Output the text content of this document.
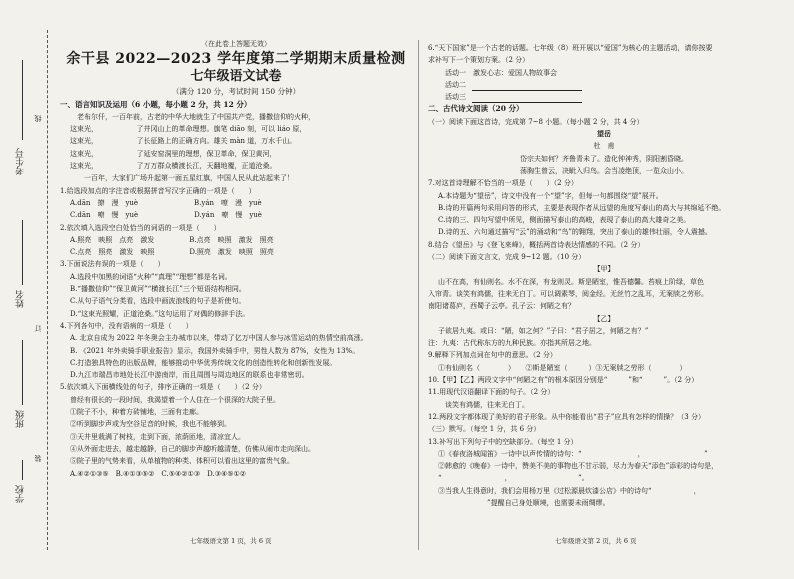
线
订
装
考生号
姓名
班级
学校
（在此卷上答题无效）
余干县 2022—2023 学年度第二学期期末质量检测
七年级语文试卷
（满分 120 分，考试时间 150 分钟）
一、语言知识及运用（6 小题，每小题 2 分，共 12 分）
　老布尔仟，一百年前，古老的中华大地就生了中国共产党，播撒信仰的火种，
这束光，　　　　　　了井冈山上的革命理想。旗笔 diāo 刻，可以 liáo 原，
这束光，　　　　　　了长征路上的正确方向。雄关 màn 道，万水千山。
这束光，　　　　　　了延安窑洞里的理想，保卫革命，保卫黄河，
这束光，　　　　　　了万万群众横渡长江，天翻地覆，正道沧桑。
　　一百年，大家们广场升起第一面五星红旗，中国人民从此站起来了！
1.给选段加点的字注音或根据拼音写汉字正确的一项是（　　）
A.dān　撩　漫　yuè　　　　　　　　B.yán　嘹　漫　yuè
C.dān　嘹　慢　yuè　　　　　　　　D.yán　嘹　慢　yuè
2.依次填入选段空白处恰当的词语的一项是（　　）
A.照亮　映照　点亮　激发　　　　　B.点亮　映照　激发　照亮
C.点亮　照亮　激发　映照　　　　　D.照亮　激发　映照　照亮
3.下面说法有误的一项是（　　）
A.选段中加黑的词语“火种”“真理”“理想”都是名词。
B.“播撒信仰”“保卫黄河”“横渡长江”三个短语结构相同。
C.从句子语气分类看，选段中画波浪线的句子是祈使句。
D.“这束光照耀，正道沧桑。”这句运用了对偶的修辞手法。
4.下列各句中，没有语病的一项是（　　）
A. 北京自成为 2022 年冬奥会主办城市以来，带动了亿万中国人参与冰雪运动的热情空前高涨。
B. 《2021 年外卖骑手职业报告》显示，我国外卖骑手中，男性人数为 87%，女性为 13%。
C.打造独具特色的出版品牌，能够推动中华优秀传统文化的创造性转化和创新性发展。
D.九江市瑞昌市地处长江中游南岸，而且周围与周边地区的联系也非常密切。
5.依次填入下面横线处的句子，排序正确的一项是（　　）（2 分）
曾经有很长的一段时间，我渴望着一个人住在一个很深的大院子里。
①院子不小，种着方砖铺地，三面有走廊。
②听到脚步声或为空谷足音的时候，我也不能够到。
③天井里栽满了树枝，走到下面，浓荫匝地，清凉宜人。
④从外面走进去，越走越静，自己的脚步声越听越清楚，仿佛从闹市走向深山。
⑤院子里的气势来看，从单植物的种类、体积可以看出这里的富贵气象。
A.④②①③⑤　B.④①③⑤②　C.⑤④②①③　D.③④⑤①②
6.“天下国家”是一个古老的话题。七年级（8）班开展以“爱国”为核心的主题活动，请你按要
求补写下一个策划方案。（2 分）
　活动一　激发心志：爱国人物故事会
　活动二
　活动三
二、古代诗文阅读（20 分）
（一）阅读下面这首诗，完成第 7~8 小题。（每小题 2 分，共 4 分）
望岳
杜　甫
岱宗夫如何？齐鲁青未了。造化钟神秀，阴阳割昏晓。
荡胸生曾云，决眦入归鸟。会当凌绝顶，一览众山小。
7.对这首诗理解不恰当的一项是（　　）（2 分）
A.本诗题为“望岳”，诗文中没有一个“望”字，但每一句都围绕“望”展开。
B.诗的开篇两句采用问答的形式，主要是表现作者从远望的角度写泰山的高大与其绵延不绝。
C.诗的三、四句写望中所见，侧面描写泰山的高峻，表现了泰山的高大雄奇之美。
D.诗的五、六句通过描写“云”的涌动和“鸟”的翱翔，突出了泰山的雄伟壮丽，令人震撼。
8.结合《望岳》与《登飞来峰》，概括两首诗表达情感的不同。（2 分）
（二）阅读下面文言文，完成 9~12 题。（10 分）
【甲】
山不在高，有仙则名。水不在深，有龙则灵。斯是陋室，惟吾德馨。苔痕上阶绿，草色
入帘青。谈笑有鸿儒，往来无白丁。可以调素琴，阅金经。无丝竹之乱耳，无案牍之劳形。
南阳诸葛庐，西蜀子云亭。孔子云：何陋之有？
【乙】
子欲居九夷。或曰：“陋，如之何？”子曰：“君子居之，何陋之有？”
注：九夷：古代称东方的九种民族。亦指其所居之地。
9.解释下列加点词在句中的意思。（2 分）
①有仙则名（　　　　）　　②斯是陋室（　　　）③无案牍之劳形（　　　　）
10.【甲】【乙】两段文字中“何陋之有”的根本原因分别是“　　　”和“　　　”。（2 分）
11.用现代汉语翻译下面的句子。（2 分）
　谈笑有鸿儒，往来无白丁。
12.两段文字都体现了美好的君子形象。从中你能看出“君子”应具有怎样的情操？（3 分）
（三）默写。（每空 1 分，共 6 分）
13.补写出下列句子中的空缺部分。（每空 1 分）
①《春夜洛城闻笛》一诗中以声传情的诗句：“　　　　　　　　，　　　　　　　　　”
②韩愈的《晚春》一诗中，赞美不美的事物也不甘示弱，尽力为春天“添色”添彩的诗句是，
“　　　　　　　　　，　　　　　　　　　　”。
③当我人生得意时，我们会用杨万里《过松源晨炊漆公店》中的诗句“　　　　　　，
　　　　　　　”提醒自己身处顺境，也需要未雨绸缪。
七年级语文第 1 页，共 6 页	七年级语文第 2 页，共 6 页
